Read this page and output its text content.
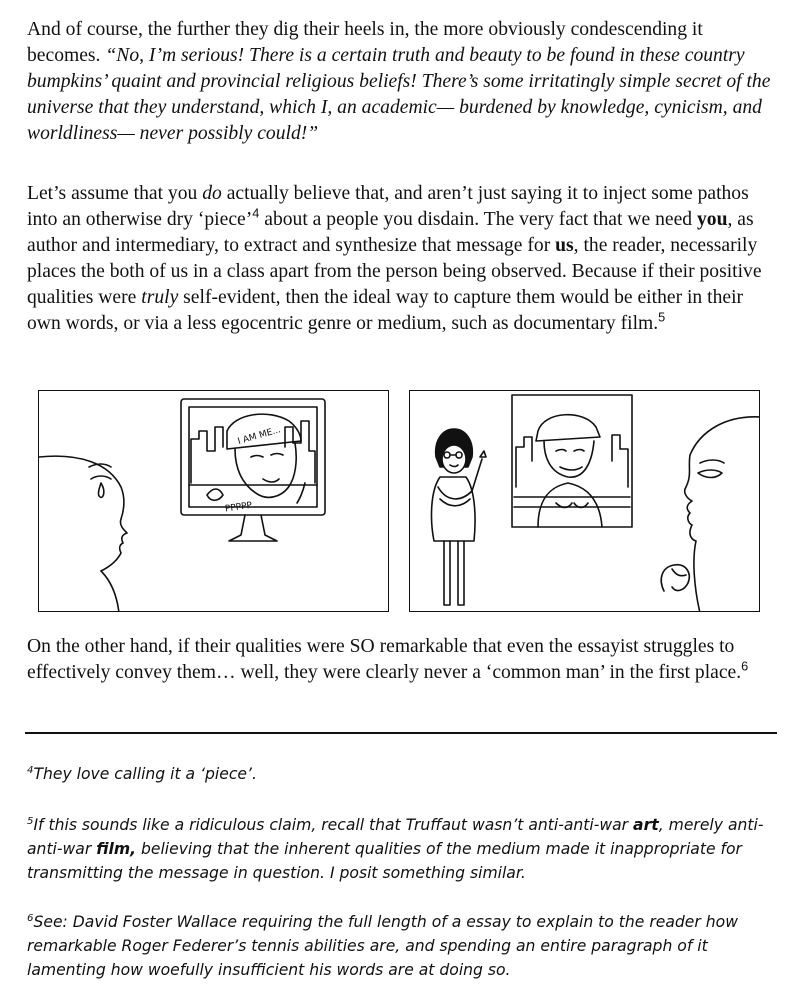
And of course, the further they dig their heels in, the more obviously condescending it becomes. “No, I’m serious! There is a certain truth and beauty to be found in these country bumpkins’ quaint and provincial religious beliefs! There’s some irritatingly simple secret of the universe that they understand, which I, an academic— burdened by knowledge, cynicism, and worldliness— never possibly could!”

Let’s assume that you do actually believe that, and aren’t just saying it to inject some pathos into an otherwise dry ‘piece’$^4$ about a people you disdain. The very fact that we need you, as author and intermediary, to extract and synthesize that message for us, the reader, necessarily places the both of us in a class apart from the person being observed. Because if their positive qualities were truly self-evident, then the ideal way to capture them would be either in their own words, or via a less egocentric genre or medium, such as documentary film.$^5$

I AM ME...
PPPPP

On the other hand, if their qualities were SO remarkable that even the essayist struggles to effectively convey them… well, they were clearly never a ‘common man’ in the first place.$^6$

$^4$They love calling it a ‘piece’.

$^5$If this sounds like a ridiculous claim, recall that Truffaut wasn’t anti-anti-war art, merely anti-anti-war film, believing that the inherent qualities of the medium made it inappropriate for transmitting the message in question. I posit something similar.

$^6$See: David Foster Wallace requiring the full length of a essay to explain to the reader how remarkable Roger Federer’s tennis abilities are, and spending an entire paragraph of it lamenting how woefully insufficient his words are at doing so.
